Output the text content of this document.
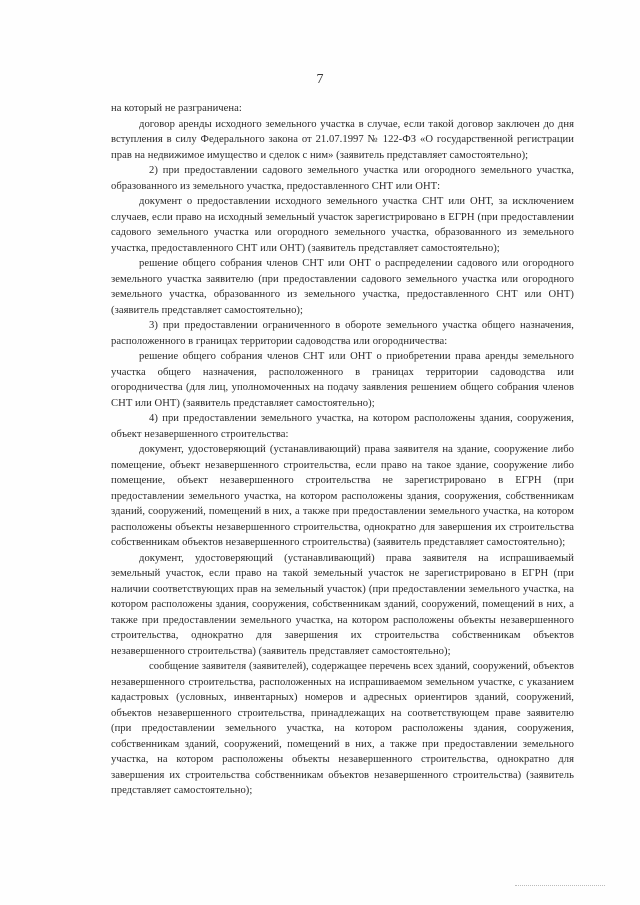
7

на который не разграничена:

договор аренды исходного земельного участка в случае, если такой договор заключен до дня вступления в силу Федерального закона от 21.07.1997 № 122-ФЗ «О государственной регистрации прав на недвижимое имущество и сделок с ним» (заявитель представляет самостоятельно);

2) при предоставлении садового земельного участка или огородного земельного участка, образованного из земельного участка, предоставленного СНТ или ОНТ:

документ о предоставлении исходного земельного участка СНТ или ОНТ, за исключением случаев, если право на исходный земельный участок зарегистрировано в ЕГРН (при предоставлении садового земельного участка или огородного земельного участка, образованного из земельного участка, предоставленного СНТ или ОНТ) (заявитель представляет самостоятельно);

решение общего собрания членов СНТ или ОНТ о распределении садового или огородного земельного участка заявителю (при предоставлении садового земельного участка или огородного земельного участка, образованного из земельного участка, предоставленного СНТ или ОНТ) (заявитель представляет самостоятельно);

3) при предоставлении ограниченного в обороте земельного участка общего назначения, расположенного в границах территории садоводства или огородничества:

решение общего собрания членов СНТ или ОНТ о приобретении права аренды земельного участка общего назначения, расположенного в границах территории садоводства или огородничества (для лиц, уполномоченных на подачу заявления решением общего собрания членов СНТ или ОНТ) (заявитель представляет самостоятельно);

4) при предоставлении земельного участка, на котором расположены здания, сооружения, объект незавершенного строительства:

документ, удостоверяющий (устанавливающий) права заявителя на здание, сооружение либо помещение, объект незавершенного строительства, если право на такое здание, сооружение либо помещение, объект незавершенного строительства не зарегистрировано в ЕГРН (при предоставлении земельного участка, на котором расположены здания, сооружения, собственникам зданий, сооружений, помещений в них, а также при предоставлении земельного участка, на котором расположены объекты незавершенного строительства, однократно для завершения их строительства собственникам объектов незавершенного строительства) (заявитель представляет самостоятельно);

документ, удостоверяющий (устанавливающий) права заявителя на испрашиваемый земельный участок, если право на такой земельный участок не зарегистрировано в ЕГРН (при наличии соответствующих прав на земельный участок) (при предоставлении земельного участка, на котором расположены здания, сооружения, собственникам зданий, сооружений, помещений в них, а также при предоставлении земельного участка, на котором расположены объекты незавершенного строительства, однократно для завершения их строительства собственникам объектов незавершенного строительства) (заявитель представляет самостоятельно);

сообщение заявителя (заявителей), содержащее перечень всех зданий, сооружений, объектов незавершенного строительства, расположенных на испрашиваемом земельном участке, с указанием кадастровых (условных, инвентарных) номеров и адресных ориентиров зданий, сооружений, объектов незавершенного строительства, принадлежащих на соответствующем праве заявителю (при предоставлении земельного участка, на котором расположены здания, сооружения, собственникам зданий, сооружений, помещений в них, а также при предоставлении земельного участка, на котором расположены объекты незавершенного строительства, однократно для завершения их строительства собственникам объектов незавершенного строительства) (заявитель представляет самостоятельно);
